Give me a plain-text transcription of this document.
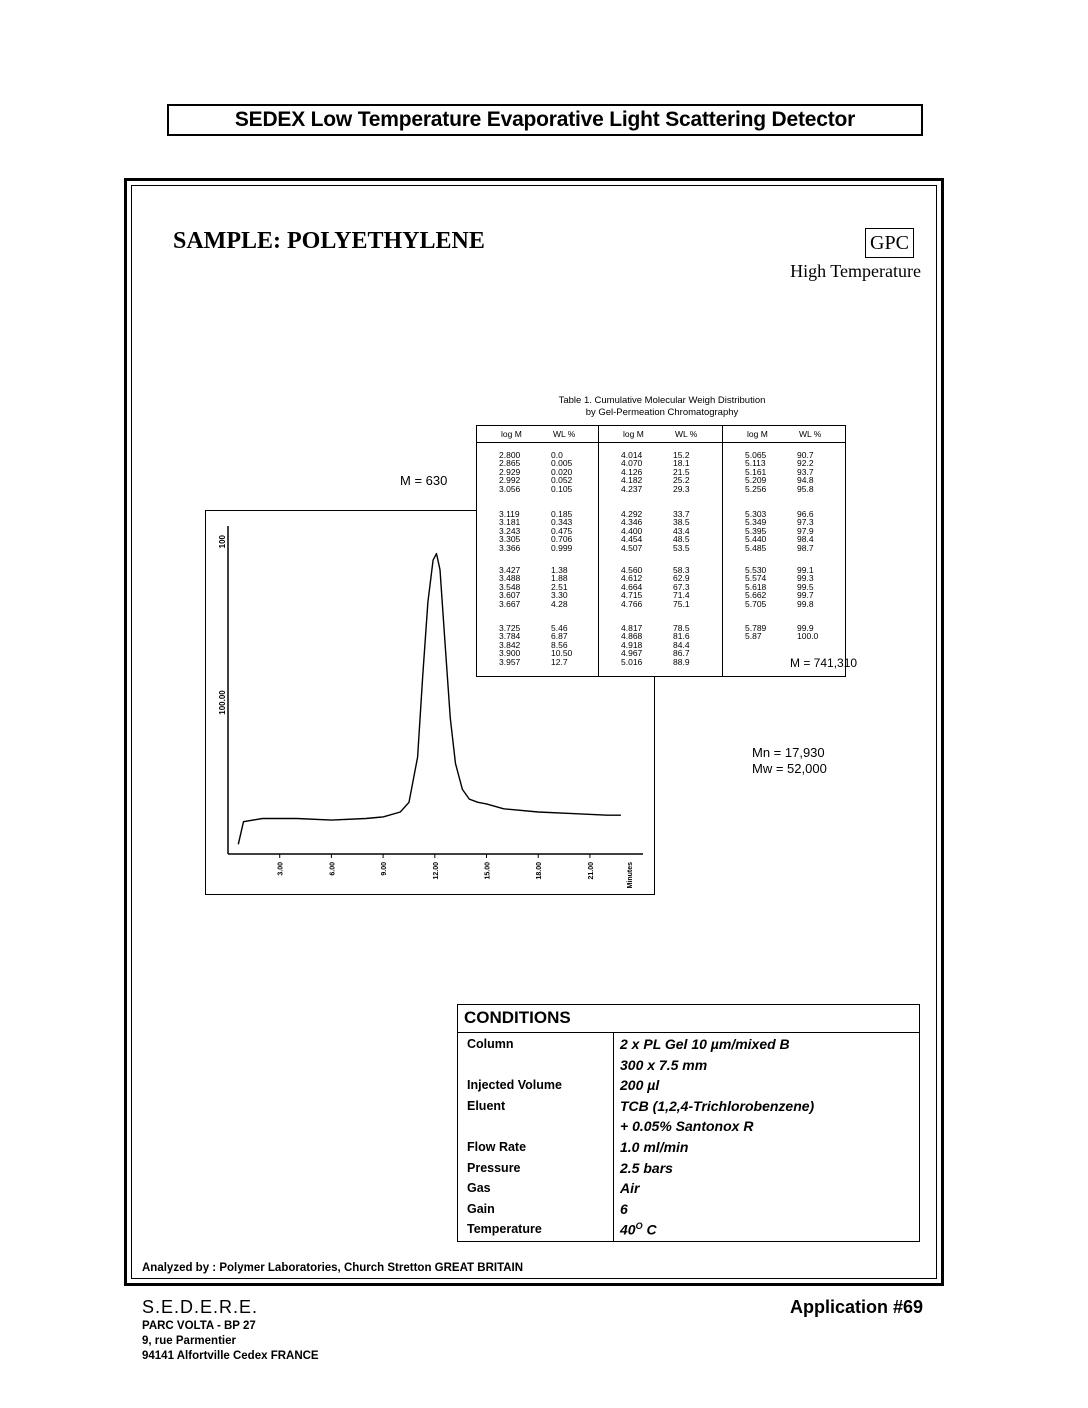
SEDEX Low Temperature Evaporative Light Scattering Detector
SAMPLE: POLYETHYLENE	GPC
High Temperature
M = 630
100
100.00
3.00	6.00	9.00	12.00	15.00	18.00	21.00	Minutes
Table 1. Cumulative Molecular Weigh Distribution
by Gel-Permeation Chromatography
log M	WL %
2.800	0.0
2.865	0.005
2.929	0.020
2.992	0.052
3.056	0.105
3.119	0.185
3.181	0.343
3.243	0.475
3.305	0.706
3.366	0.999
3.427	1.38
3.488	1.88
3.548	2.51
3.607	3.30
3.667	4.28
3.725	5.46
3.784	6.87
3.842	8.56
3.900	10.50
3.957	12.7
log M	WL %
4.014	15.2
4.070	18.1
4.126	21.5
4.182	25.2
4.237	29.3
4.292	33.7
4.346	38.5
4.400	43.4
4.454	48.5
4.507	53.5
4.560	58.3
4.612	62.9
4.664	67.3
4.715	71.4
4.766	75.1
4.817	78.5
4.868	81.6
4.918	84.4
4.967	86.7
5.016	88.9
log M	WL %
5.065	90.7
5.113	92.2
5.161	93.7
5.209	94.8
5.256	95.8
5.303	96.6
5.349	97.3
5.395	97.9
5.440	98.4
5.485	98.7
5.530	99.1
5.574	99.3
5.618	99.5
5.662	99.7
5.705	99.8
5.789	99.9
5.87	100.0
M = 741,310
Mn = 17,930
Mw = 52,000
CONDITIONS
Column	2 x PL Gel 10 µm/mixed B
300 x 7.5 mm
Injected Volume	200 µl
Eluent	TCB (1,2,4-Trichlorobenzene)
+ 0.05% Santonox R
Flow Rate	1.0 ml/min
Pressure	2.5 bars
Gas	Air
Gain	6
Temperature	$40^O$ C
Analyzed by : Polymer Laboratories, Church Stretton GREAT BRITAIN
S.E.D.E.R.E.	Application #69
PARC VOLTA - BP 27
9, rue Parmentier
94141 Alfortville Cedex FRANCE
